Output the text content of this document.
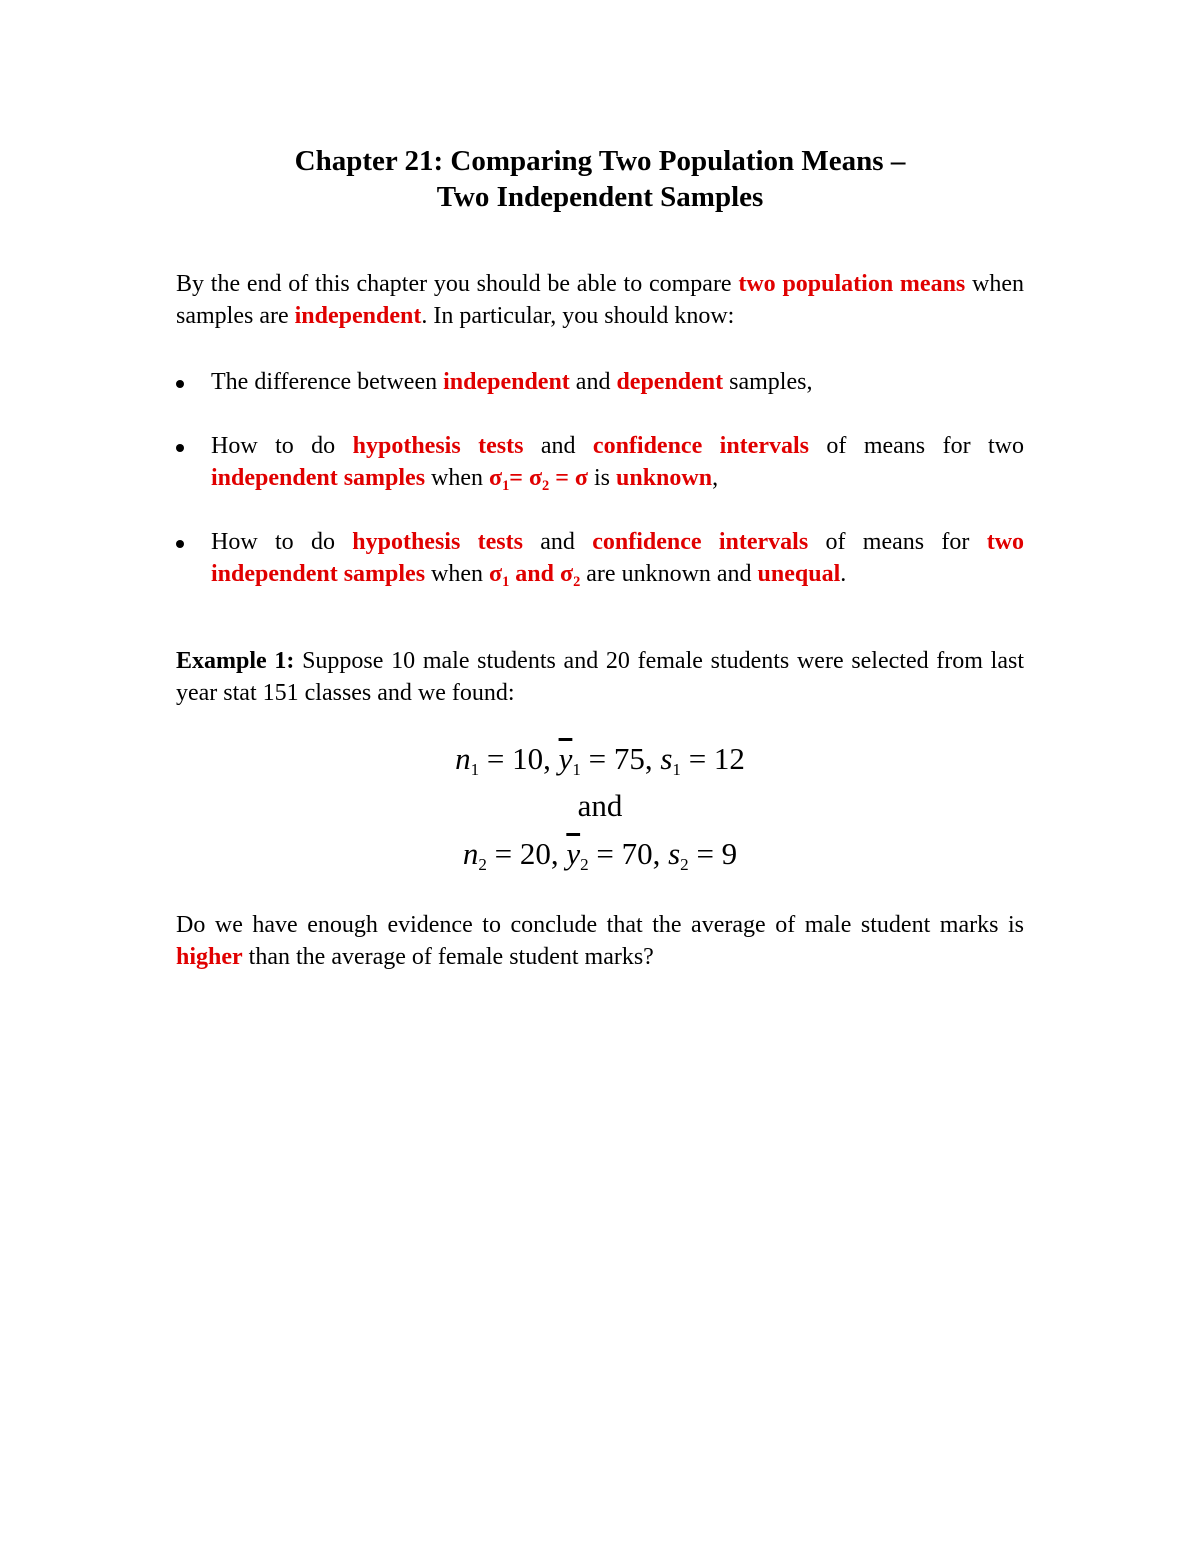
Chapter 21: Comparing Two Population Means –
Two Independent Samples
By the end of this chapter you should be able to compare two population means when samples are independent. In particular, you should know:
The difference between independent and dependent samples,
How to do hypothesis tests and confidence intervals of means for two independent samples when $\sigma_1= \sigma_2 = \sigma$ is unknown,
How to do hypothesis tests and confidence intervals of means for two independent samples when $\sigma_1$ and $\sigma_2$ are unknown and unequal.
Example 1: Suppose 10 male students and 20 female students were selected from last year stat 151 classes and we found:
$n_1 = 10$, $\overline{y}_1 = 75$, $s_1 = 12$
and
$n_2 = 20$, $\overline{y}_2 = 70$, $s_2 = 9$
Do we have enough evidence to conclude that the average of male student marks is higher than the average of female student marks?
